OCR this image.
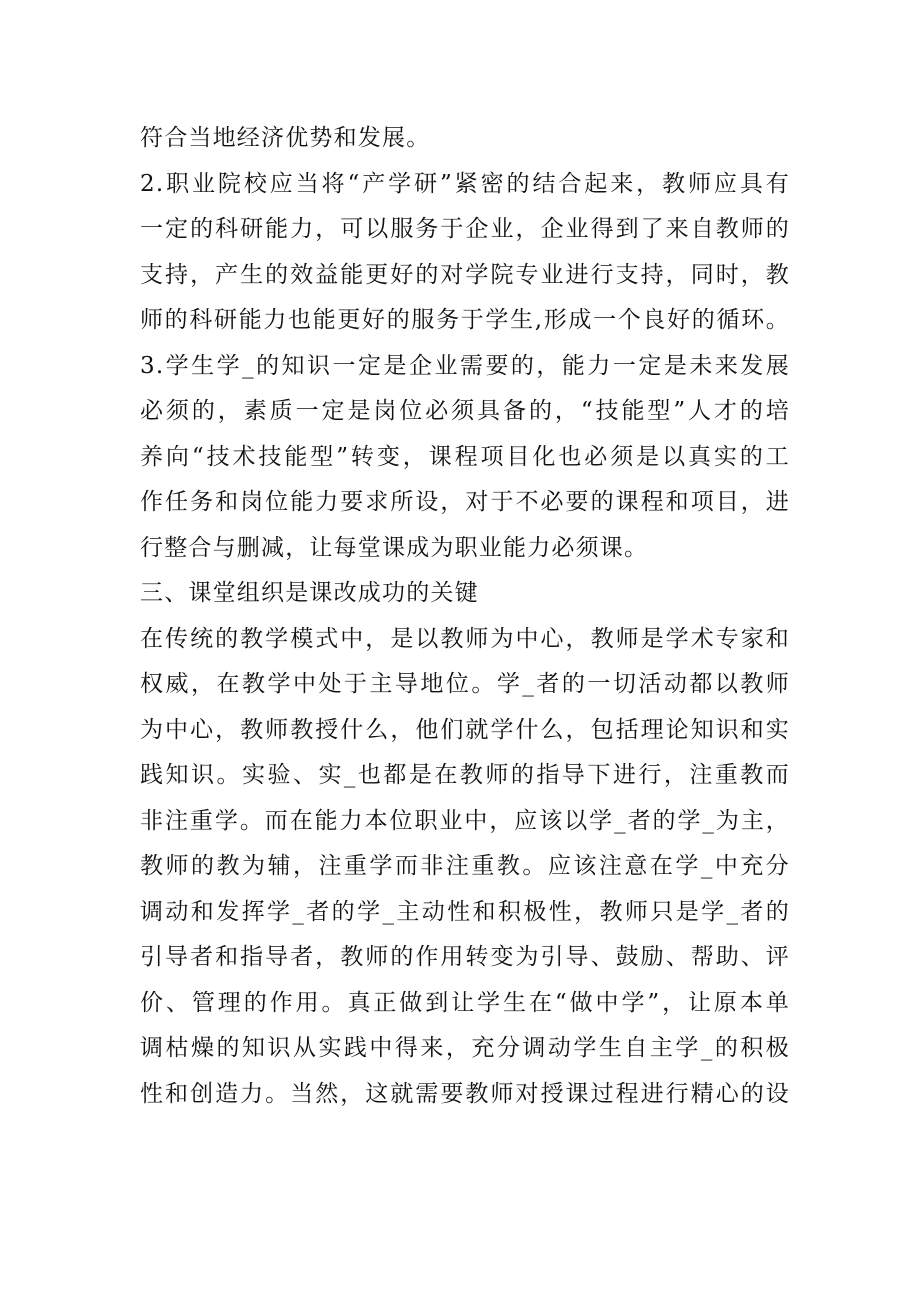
符合当地经济优势和发展。
2.职业院校应当将“产学研”紧密的结合起来，教师应具有
一定的科研能力，可以服务于企业，企业得到了来自教师的
支持，产生的效益能更好的对学院专业进行支持，同时，教
师的科研能力也能更好的服务于学生,形成一个良好的循环。
3.学生学_的知识一定是企业需要的，能力一定是未来发展
必须的，素质一定是岗位必须具备的，“技能型”人才的培
养向“技术技能型”转变，课程项目化也必须是以真实的工
作任务和岗位能力要求所设，对于不必要的课程和项目，进
行整合与删减，让每堂课成为职业能力必须课。
三、课堂组织是课改成功的关键
在传统的教学模式中，是以教师为中心，教师是学术专家和
权威，在教学中处于主导地位。学_者的一切活动都以教师
为中心，教师教授什么，他们就学什么，包括理论知识和实
践知识。实验、实_也都是在教师的指导下进行，注重教而
非注重学。而在能力本位职业中，应该以学_者的学_为主，
教师的教为辅，注重学而非注重教。应该注意在学_中充分
调动和发挥学_者的学_主动性和积极性，教师只是学_者的
引导者和指导者，教师的作用转变为引导、鼓励、帮助、评
价、管理的作用。真正做到让学生在“做中学”，让原本单
调枯燥的知识从实践中得来，充分调动学生自主学_的积极
性和创造力。当然，这就需要教师对授课过程进行精心的设
